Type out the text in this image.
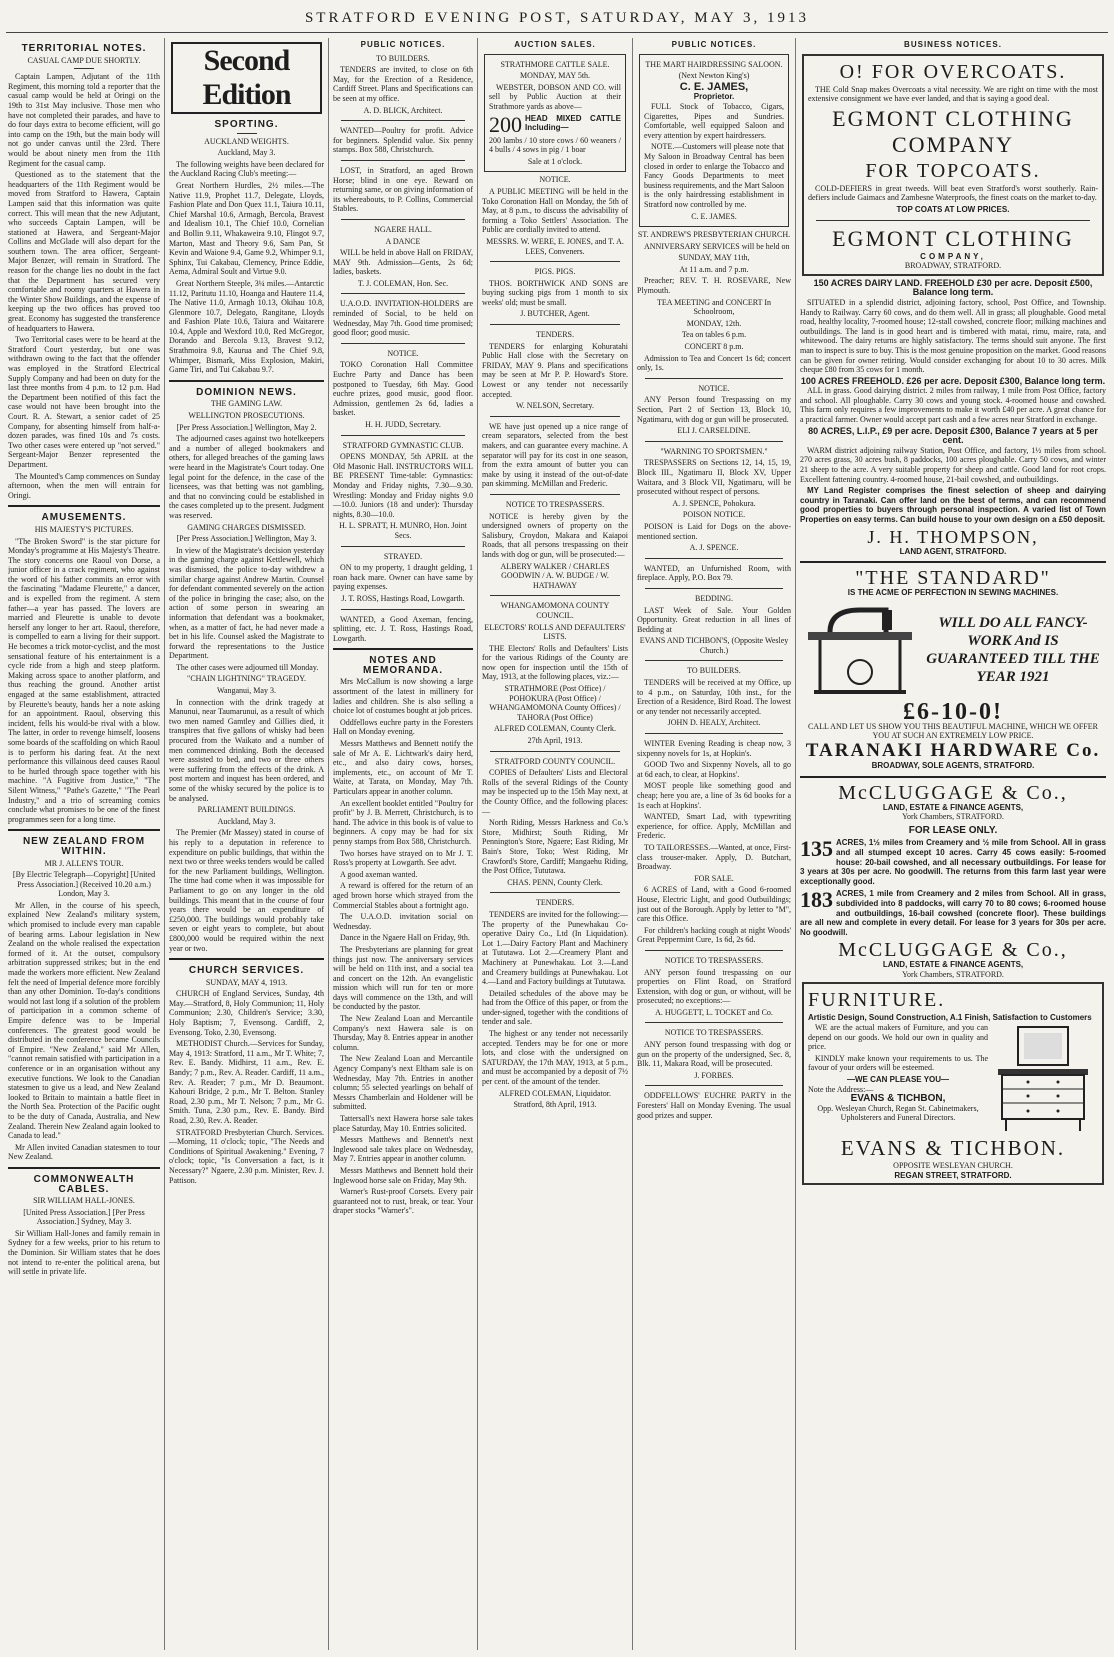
STRATFORD EVENING POST, SATURDAY, MAY 3, 1913
TERRITORIAL NOTES.
CASUAL CAMP DUE SHORTLY.

Captain Lampen, Adjutant of the 11th Regiment, this morning told a reporter that the casual camp would be held at Oringi on the 19th to 31st May inclusive. Those men who have not completed their parades, and have to do four days extra to become efficient, will go into camp on the 19th, but the main body will not go under canvas until the 23rd. There would be about ninety men from the 11th Regiment for the casual camp.

Questioned as to the statement that the headquarters of the 11th Regiment would be moved from Stratford to Hawera, Captain Lampen said that this information was quite correct. This will mean that the new Adjutant, who succeeds Captain Lampen, will be stationed at Hawera, and Sergeant-Major Collins and McGlade will also depart for the southern town. The area officer, Sergeant-Major Benzer, will remain in Stratford. The reason for the change lies no doubt in the fact that the Department has secured very comfortable and roomy quarters at Hawera in the Winter Show Buildings, and the expense of keeping up the two offices has proved too great. Economy has suggested the transference of headquarters to Hawera.

Two Territorial cases were to be heard at the Stratford Court yesterday, but one was withdrawn owing to the fact that the offender was employed in the Stratford Electrical Supply Company and had been on duty for the last three months from 4 p.m. to 12 p.m. Had the Department been notified of this fact the case would not have been brought into the Court. R. A. Stewart, a senior cadet of 25 Company, for absenting himself from half-a-dozen parades, was fined 10s and 7s costs. Two other cases were entered up "not served." Sergeant-Major Benzer represented the Department.

The Mounted's Camp commences on Sunday afternoon, when the men will entrain for Oringi.

AMUSEMENTS.
HIS MAJESTY'S PICTURES.

"The Broken Sword" is the star picture for Monday's programme at His Majesty's Theatre. The story concerns one Raoul von Dorse, a junior officer in a crack regiment, who against the word of his father commits an error with the fascinating "Madame Fleurette," a dancer, and is expelled from the regiment. A stern father—a year has passed. The lovers are married and Fleurette is unable to devote herself any longer to her art. Raoul, therefore, is compelled to earn a living for their support. He becomes a trick motor-cyclist, and the most sensational feature of his entertainment is a cycle ride from a high and steep platform. Making across space to another platform, and thus reaching the ground. Another artist engaged at the same establishment, attracted by Fleurette's beauty, hands her a note asking for an appointment. Raoul, observing this incident, fells his would-be rival with a blow. The latter, in order to revenge himself, loosens some boards of the scaffolding on which Raoul is to perform his daring feat. At the next performance this villainous deed causes Raoul to be hurled through space together with his machine. "A Fugitive from Justice," "The Silent Witness," "Pathe's Gazette," "The Pearl Industry," and a trio of screaming comics conclude what promises to be one of the finest programmes seen for a long time.

NEW ZEALAND FROM WITHIN.
MR J. ALLEN'S TOUR.
[By Electric Telegraph—Copyright] [United Press Association.] (Received 10.20 a.m.) London, May 3.

Mr Allen, in the course of his speech, explained New Zealand's military system, which promised to include every man capable of bearing arms. Labour legislation in New Zealand on the whole realised the expectation formed of it. At the outset, compulsory arbitration suppressed strikes; but in the end made the workers more efficient. New Zealand felt the need of Imperial defence more forcibly than any other Dominion. To-day's conditions would not last long if a solution of the problem of participation in a common scheme of Empire defence was to be Imperial conferences. The greatest good would be distributed in the conference became Councils of Empire. "New Zealand," said Mr Allen, "cannot remain satisfied with participation in a conference or in an organisation without any executive functions. We look to the Canadian statesmen to give us a lead, and New Zealand looked to Britain to maintain a battle fleet in the North Sea. Protection of the Pacific ought to be the duty of Canada, Australia, and New Zealand. Therein New Zealand again looked to Canada to lead."

Mr Allen invited Canadian statesmen to tour New Zealand.

COMMONWEALTH CABLES.
SIR WILLIAM HALL-JONES.
[United Press Association.] [Per Press Association.] Sydney, May 3.

Sir William Hall-Jones and family remain in Sydney for a few weeks, prior to his return to the Dominion. Sir William states that he does not intend to re-enter the political arena, but will settle in private life.

Second Edition
SPORTING.
AUCKLAND WEIGHTS.
Auckland, May 3.

The following weights have been declared for the Auckland Racing Club's meeting:—

Great Northern Hurdles, 2½ miles.—The Native 11.9, Prophet 11.7, Delegate, Lloyds, Fashion Plate and Don Quex 11.1, Taiura 10.11, Chief Marshal 10.6, Armagh, Bercola, Bravest and Idealism 10.1, The Chief 10.0, Cornelian and Bollin 9.11, Whakaweira 9.10, Flingot 9.7, Marton, Mast and Theory 9.6, Sam Pan, St Kevin and Waione 9.4, Game 9.2, Whimper 9.1, Sphinx, Tui Cakabau, Clemency, Prince Eddie, Aema, Admiral Soult and Virtue 9.0.

Great Northern Steeple, 3¼ miles.—Antarctic 11.12, Paritutu 11.10, Hoanga and Hautere 11.4, The Native 11.0, Armagh 10.13, Okihau 10.8, Glenmore 10.7, Delegato, Rangitane, Lloyds and Fashion Plate 10.6, Taiura and Waitarere 10.4, Apple and Wexford 10.0, Red McGregor, Dorando and Bercola 9.13, Bravest 9.12, Strathmoira 9.8, Kaurua and The Chief 9.8, Whimper, Bismark, Miss Explosion, Makiri, Game Tiri, and Tui Cakabau 9.7.

DOMINION NEWS.
THE GAMING LAW.
WELLINGTON PROSECUTIONS.
[Per Press Association.] Wellington, May 2.

The adjourned cases against two hotelkeepers and a number of alleged bookmakers and others, for alleged breaches of the gaming laws were heard in the Magistrate's Court today. One legal point for the defence, in the case of the licensees, was that betting was not gambling, and that no convincing could be established in the cases completed up to the present. Judgment was reserved.

GAMING CHARGES DISMISSED.
[Per Press Association.] Wellington, May 3.

In view of the Magistrate's decision yesterday in the gaming charge against Kettlewell, which was dismissed, the police to-day withdrew a similar charge against Andrew Martin. Counsel for defendant commented severely on the action of the police in bringing the case; also, on the action of some person in swearing an information that defendant was a bookmaker, when, as a matter of fact, he had never made a bet in his life. Counsel asked the Magistrate to forward the representations to the Justice Department.

The other cases were adjourned till Monday.

"CHAIN LIGHTNING" TRAGEDY.
Wanganui, May 3.

In connection with the drink tragedy at Manunui, near Taumarunui, as a result of which two men named Gamtley and Gillies died, it transpires that five gallons of whisky had been procured from the Waikato and a number of men commenced drinking. Both the deceased were assisted to bed, and two or three others were suffering from the effects of the drink. A post mortem and inquest has been ordered, and some of the whisky secured by the police is to be analysed.

PARLIAMENT BUILDINGS.
Auckland, May 3.

The Premier (Mr Massey) stated in course of his reply to a deputation in reference to expenditure on public buildings, that within the next two or three weeks tenders would be called for the new Parliament buildings, Wellington. The time had come when it was impossible for Parliament to go on any longer in the old buildings. This meant that in the course of four years there would be an expenditure of £250,000. The buildings would probably take seven or eight years to complete, but about £800,000 would be required within the next year or two.

CHURCH SERVICES.
SUNDAY, MAY 4, 1913.

CHURCH of England Services, Sunday, 4th May.—Stratford, 8, Holy Communion; 11, Holy Communion; 2.30, Children's Service; 3.30, Holy Baptism; 7, Evensong. Cardiff, 2, Evensong. Toko, 2.30, Evensong.

METHODIST Church.—Services for Sunday, May 4, 1913: Stratford, 11 a.m., Mr T. White; 7, Rev. E. Bandy. Midhirst, 11 a.m., Rev. E. Bandy; 7 p.m., Rev. A. Reader. Cardiff, 11 a.m., Rev. A. Reader; 7 p.m., Mr D. Beaumont. Kahouri Bridge, 2 p.m., Mr T. Belton. Stanley Road, 2.30 p.m., Mr T. Nelson; 7 p.m., Mr G. Smith. Tuna, 2.30 p.m., Rev. E. Bandy. Bird Road, 2.30, Rev. A. Reader.

STRATFORD Presbyterian Church. Services.—Morning, 11 o'clock; topic, "The Needs and Conditions of Spiritual Awakening." Evening, 7 o'clock; topic, "Is Conversation a fact, is it Necessary?" Ngaere, 2.30 p.m. Minister, Rev. J. Pattison.

PUBLIC NOTICES.
TO BUILDERS.

TENDERS are invited, to close on 6th May, for the Erection of a Residence, Cardiff Street. Plans and Specifications can be seen at my office.

A. D. BLICK, Architect.

WANTED—Poultry for profit. Advice for beginners. Splendid value. Six penny stamps. Box 588, Christchurch.

LOST, in Stratford, an aged Brown Horse; blind in one eye. Reward on returning same, or on giving information of its whereabouts, to P. Collins, Commercial Stables.

NGAERE HALL.
A DANCE

WILL be held in above Hall on FRIDAY, MAY 9th. Admission—Gents, 2s 6d; ladies, baskets.

T. J. COLEMAN, Hon. Sec.

U.A.O.D. INVITATION-HOLDERS are reminded of Social, to be held on Wednesday, May 7th. Good time promised; good floor; good music.

NOTICE.

TOKO Coronation Hall Committee Euchre Party and Dance has been postponed to Tuesday, 6th May. Good euchre prizes, good music, good floor. Admission, gentlemen 2s 6d, ladies a basket.

H. H. JUDD, Secretary.
STRATFORD GYMNASTIC CLUB.

OPENS MONDAY, 5th APRIL at the Old Masonic Hall. INSTRUCTORS WILL BE PRESENT Time-table: Gymnastics: Monday and Friday nights, 7.30—9.30. Wrestling: Monday and Friday nights 9.0—10.0. Juniors (18 and under): Thursday nights, 8.30—10.0.

H. L. SPRATT, H. MUNRO, Hon. Joint Secs.
STRAYED.

ON to my property, 1 draught gelding, 1 roan hack mare. Owner can have same by paying expenses.

J. T. ROSS, Hastings Road, Lowgarth.

WANTED, a Good Axeman, fencing, splitting, etc. J. T. Ross, Hastings Road, Lowgarth.

NOTES AND MEMORANDA.

Mrs McCallum is now showing a large assortment of the latest in millinery for ladies and children. She is also selling a choice lot of costumes bought at job prices.

Oddfellows euchre party in the Foresters Hall on Monday evening.

Messrs Matthews and Bennett notify the sale of Mr A. E. Lichtwark's dairy herd, etc., and also dairy cows, horses, implements, etc., on account of Mr T. Waite, at Tarata, on Monday, May 7th. Particulars appear in another column.

An excellent booklet entitled "Poultry for profit" by J. B. Merrett, Christchurch, is to hand. The advice in this book is of value to beginners. A copy may be had for six penny stamps from Box 588, Christchurch.

Two horses have strayed on to Mr J. T. Ross's property at Lowgarth. See advt.

A good axeman wanted.

A reward is offered for the return of an aged brown horse which strayed from the Commercial Stables about a fortnight ago.

The U.A.O.D. invitation social on Wednesday.

Dance in the Ngaere Hall on Friday, 9th.

The Presbyterians are planning for great things just now. The anniversary services will be held on 11th inst, and a social tea and concert on the 12th. An evangelistic mission which will run for ten or more days will commence on the 13th, and will be conducted by the pastor.

The New Zealand Loan and Mercantile Company's next Hawera sale is on Thursday, May 8. Entries appear in another column.

The New Zealand Loan and Mercantile Agency Company's next Eltham sale is on Wednesday, May 7th. Entries in another column; 55 selected yearlings on behalf of Messrs Chamberlain and Holdener will be submitted.

Tattersall's next Hawera horse sale takes place Saturday, May 10. Entries solicited.

Messrs Matthews and Bennett's next Inglewood sale takes place on Wednesday, May 7. Entries appear in another column.

Messrs Matthews and Bennett hold their Inglewood horse sale on Friday, May 9th.

Warner's Rust-proof Corsets. Every pair guaranteed not to rust, break, or tear. Your draper stocks "Warner's".

AUCTION SALES.
STRATHMORE CATTLE SALE.
MONDAY, MAY 5th.

WEBSTER, DOBSON AND CO. will sell by Public Auction at their Strathmore yards as above—

200 HEAD MIXED CATTLE Including—
200 lambs / 10 store cows / 60 weaners / 4 bulls / 4 sows in pig / 1 boar
Sale at 1 o'clock.
NOTICE.

A PUBLIC MEETING will be held in the Toko Coronation Hall on Monday, the 5th of May, at 8 p.m., to discuss the advisability of forming a Toko Settlers' Association. The Public are cordially invited to attend.

MESSRS. W. WERE, E. JONES, and T. A. LEES, Conveners.
PIGS. PIGS.

THOS. BORTHWICK AND SONS are buying sucking pigs from 1 month to six weeks' old; must be small.

J. BUTCHER, Agent.
TENDERS.

TENDERS for enlarging Kohuratahi Public Hall close with the Secretary on FRIDAY, MAY 9. Plans and specifications may be seen at Mr P. P. Howard's Store. Lowest or any tender not necessarily accepted.

W. NELSON, Secretary.

WE have just opened up a nice range of cream separators, selected from the best makers, and can guarantee every machine. A separator will pay for its cost in one season, from the extra amount of butter you can make by using it instead of the out-of-date pan skimming. McMillan and Frederic.

NOTICE TO TRESPASSERS.

NOTICE is hereby given by the undersigned owners of property on the Salisbury, Croydon, Makara and Kaiapoi Roads, that all persons trespassing on their lands with dog or gun, will be prosecuted:—

ALBERY WALKER / CHARLES GOODWIN / A. W. BUDGE / W. HATHAWAY
WHANGAMOMONA COUNTY COUNCIL.
ELECTORS' ROLLS AND DEFAULTERS' LISTS.

THE Electors' Rolls and Defaulters' Lists for the various Ridings of the County are now open for inspection until the 15th of May, 1913, at the following places, viz.:—

STRATHMORE (Post Office) / POHOKURA (Post Office) / WHANGAMOMONA County Offices) / TAHORA (Post Office)
ALFRED COLEMAN, County Clerk.
27th April, 1913.
STRATFORD COUNTY COUNCIL.

COPIES of Defaulters' Lists and Electoral Rolls of the several Ridings of the County may be inspected up to the 15th May next, at the County Office, and the following places:—

North Riding, Messrs Harkness and Co.'s Store, Midhirst; South Riding, Mr Pennington's Store, Ngaere; East Riding, Mr Bain's Store, Toko; West Riding, Mr Crawford's Store, Cardiff; Mangaehu Riding, the Post Office, Tututawa.

CHAS. PENN, County Clerk.
TENDERS.

TENDERS are invited for the following:— The property of the Punewhakau Co-operative Dairy Co., Ltd (In Liquidation). Lot 1.—Dairy Factory Plant and Machinery at Tututawa. Lot 2.—Creamery Plant and Machinery at Punewhakau. Lot 3.—Land and Creamery buildings at Punewhakau. Lot 4.—Land and Factory buildings at Tututawa.

Detailed schedules of the above may be had from the Office of this paper, or from the under-signed, together with the conditions of tender and sale.

The highest or any tender not necessarily accepted. Tenders may be for one or more lots, and close with the undersigned on SATURDAY, the 17th MAY, 1913, at 5 p.m., and must be accompanied by a deposit of 7½ per cent. of the amount of the tender.

ALFRED COLEMAN, Liquidator.
Stratford, 8th April, 1913.
PUBLIC NOTICES.
THE MART HAIRDRESSING SALOON.
(Next Newton King's)
C. E. JAMES,
Proprietor.

FULL Stock of Tobacco, Cigars, Cigarettes, Pipes and Sundries. Comfortable, well equipped Saloon and every attention by expert hairdressers.

NOTE.—Customers will please note that My Saloon in Broadway Central has been closed in order to enlarge the Tobacco and Fancy Goods Departments to meet business requirements, and the Mart Saloon is the only hairdressing establishment in Stratford now controlled by me.

C. E. JAMES.
ST. ANDREW'S PRESBYTERIAN CHURCH.

ANNIVERSARY SERVICES will be held on

SUNDAY, MAY 11th,
At 11 a.m. and 7 p.m.

Preacher; REV. T. H. ROSEVARE, New Plymouth.

TEA MEETING and CONCERT In Schoolroom,
MONDAY, 12th.
Tea on tables 6 p.m.
CONCERT 8 p.m.

Admission to Tea and Concert 1s 6d; concert only, 1s.

NOTICE.

ANY Person found Trespassing on my Section, Part 2 of Section 13, Block 10, Ngatimaru, with dog or gun will be prosecuted.

ELI J. CARSELDINE.
"WARNING TO SPORTSMEN."

TRESPASSERS on Sections 12, 14, 15, 19, Block III., Ngatimaru II, Block XV, Upper Waitara, and 3 Block VII, Ngatimaru, will be prosecuted without respect of persons.

A. J. SPENCE, Pohokura.
POISON NOTICE.

POISON is Laid for Dogs on the above-mentioned section.

A. J. SPENCE.

WANTED, an Unfurnished Room, with fireplace. Apply, P.O. Box 79.

BEDDING.

LAST Week of Sale. Your Golden Opportunity. Great reduction in all lines of Bedding at

EVANS AND TICHBON'S, (Opposite Wesley Church.)
TO BUILDERS.

TENDERS will be received at my Office, up to 4 p.m., on Saturday, 10th inst., for the Erection of a Residence, Bird Road. The lowest or any tender not necessarily accepted.

JOHN D. HEALY, Architect.

WINTER Evening Reading is cheap now, 3 sixpenny novels for 1s, at Hopkin's.

GOOD Two and Sixpenny Novels, all to go at 6d each, to clear, at Hopkins'.

MOST people like something good and cheap; here you are, a line of 3s 6d books for a 1s each at Hopkins'.

WANTED, Smart Lad, with typewriting experience, for office. Apply, McMillan and Frederic.

TO TAILORESSES.—Wanted, at once, First-class trouser-maker. Apply, D. Butchart, Broadway.

FOR SALE.

6 ACRES of Land, with a Good 6-roomed House, Electric Light, and good Outbuildings; just out of the Borough. Apply by letter to "M", care this Office.

For children's hacking cough at night Woods' Great Peppermint Cure, 1s 6d, 2s 6d.

NOTICE TO TRESPASSERS.

ANY person found trespassing on our properties on Flint Road, on Stratford Extension, with dog or gun, or without, will be prosecuted; no exceptions:—

A. HUGGETT, L. TOCKET and Co.
NOTICE TO TRESPASSERS.

ANY person found trespassing with dog or gun on the property of the undersigned, Sec. 8, Blk. 11, Makara Road, will be prosecuted.

J. FORBES.

ODDFELLOWS' EUCHRE PARTY in the Foresters' Hall on Monday Evening. The usual good prizes and supper.

BUSINESS NOTICES.
O! FOR OVERCOATS.

THE Cold Snap makes Overcoats a vital necessity. We are right on time with the most extensive consignment we have ever landed, and that is saying a good deal.

EGMONT CLOTHING COMPANY
FOR TOPCOATS.

COLD-DEFIERS in great tweeds. Will beat even Stratford's worst southerly. Rain-defiers include Gaimacs and Zambesne Waterproofs, the finest coats on the market to-day.

TOP COATS AT LOW PRICES.
EGMONT CLOTHING
COMPANY,
BROADWAY, STRATFORD.
150 ACRES DAIRY LAND. FREEHOLD £30 per acre. Deposit £500, Balance long term.

SITUATED in a splendid district, adjoining factory, school, Post Office, and Township. Handy to Railway. Carry 60 cows, and do them well. All in grass; all ploughable. Good metal road, healthy locality, 7-roomed house; 12-stall cowshed, concrete floor; milking machines and outbuildings. The land is in good heart and is timbered with matai, rimu, maire, rata, and whitewood. The dairy returns are highly satisfactory. The terms should suit anyone. The first man to inspect is sure to buy. This is the most genuine proposition on the market. Good reasons can be given for owner retiring. Would consider exchanging for about 10 to 30 acres. Milk cheque £80 from 35 cows for 1 month.

100 ACRES FREEHOLD. £26 per acre. Deposit £300, Balance long term.

ALL in grass. Good dairying district. 2 miles from railway, 1 mile from Post Office, factory and school. All ploughable. Carry 30 cows and young stock. 4-roomed house and cowshed. This farm only requires a few improvements to make it worth £40 per acre. A great chance for a practical farmer. Owner would accept part cash and a few acres near Stratford in exchange.

80 ACRES, L.I.P., £9 per acre. Deposit £300, Balance 7 years at 5 per cent.

WARM district adjoining railway Station, Post Office, and factory, 1½ miles from school. 270 acres grass, 30 acres bush, 8 paddocks, 100 acres ploughable. Carry 50 cows, and winter 21 sheep to the acre. A very suitable property for sheep and cattle. Good land for root crops. Excellent fattening country. 4-roomed house, 21-bail cowshed, and outbuildings.

MY Land Register comprises the finest selection of sheep and dairying country in Taranaki. Can offer land on the best of terms, and can recommend good properties to buyers through personal inspection. A varied list of Town Properties on easy terms. Can build house to your own design on a £50 deposit.

J. H. THOMPSON,
LAND AGENT, STRATFORD.
"THE STANDARD"
IS THE ACME OF PERFECTION IN SEWING MACHINES.
WILL DO ALL FANCY-WORK And IS GUARANTEED TILL THE YEAR 1921
£6-10-0!
CALL AND LET US SHOW YOU THIS BEAUTIFUL MACHINE, WHICH WE OFFER YOU AT SUCH AN EXTREMELY LOW PRICE.
TARANAKI HARDWARE Co.
BROADWAY, SOLE AGENTS, STRATFORD.
McCLUGGAGE & Co.,
LAND, ESTATE & FINANCE AGENTS,
York Chambers, STRATFORD.
FOR LEASE ONLY.
135 ACRES, 1½ miles from Creamery and ½ mile from School. All in grass and all stumped except 10 acres. Carry 45 cows easily: 5-roomed house: 20-bail cowshed, and all necessary outbuildings. For lease for 3 years at 30s per acre. No goodwill. The returns from this farm last year were exceptionally good.
183 ACRES, 1 mile from Creamery and 2 miles from School. All in grass, subdivided into 8 paddocks, will carry 70 to 80 cows; 6-roomed house and outbuildings, 16-bail cowshed (concrete floor). These buildings are all new and complete in every detail. For lease for 3 years for 30s per acre. No goodwill.
McCLUGGAGE & Co.,
LAND, ESTATE & FINANCE AGENTS,
York Chambers, STRATFORD.
FURNITURE.
Artistic Design, Sound Construction, A.1 Finish, Satisfaction to Customers

WE are the actual makers of Furniture, and you can depend on our goods. We hold our own in quality and price.

KINDLY make known your requirements to us. The favour of your orders will be esteemed.

—WE CAN PLEASE YOU—
Note the Address:—
EVANS & TICHBON,
Opp. Wesleyan Church, Regan St. Cabinetmakers, Upholsterers and Funeral Directors.
EVANS & TICHBON.
OPPOSITE WESLEYAN CHURCH.
REGAN STREET, STRATFORD.
